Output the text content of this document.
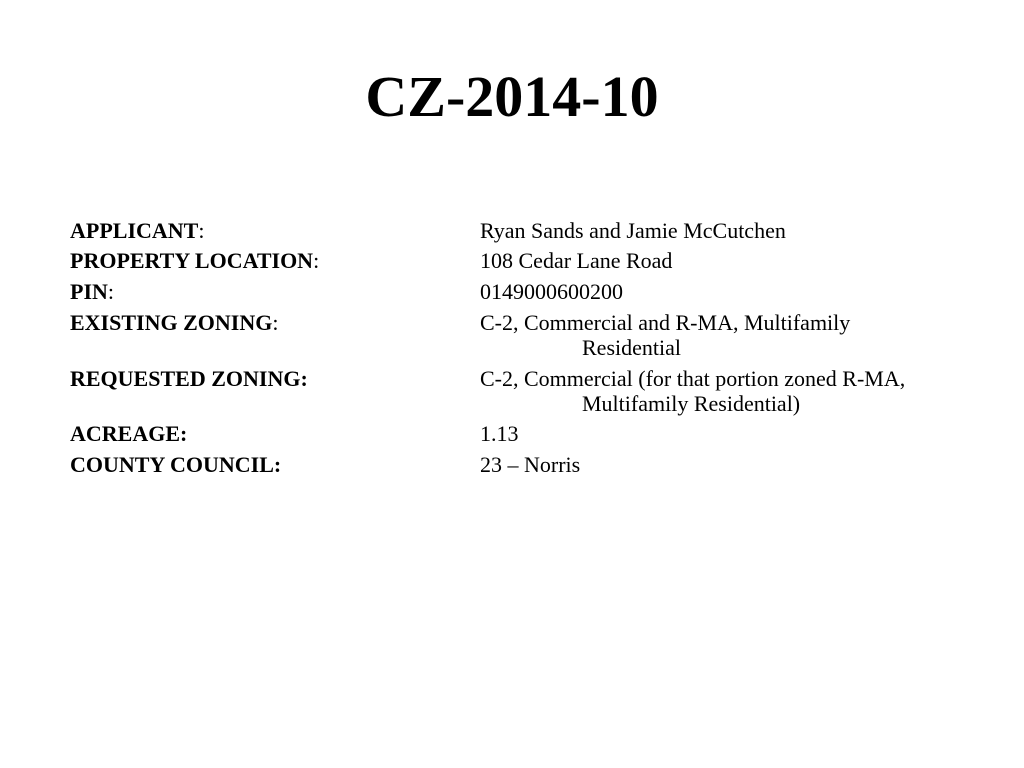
CZ-2014-10
APPLICANT:	Ryan Sands and Jamie McCutchen
PROPERTY LOCATION:	108 Cedar Lane Road
PIN:	0149000600200
EXISTING ZONING:	C-2, Commercial and R-MA, Multifamily
Residential
REQUESTED ZONING:	C-2, Commercial (for that portion zoned R-MA,
Multifamily Residential)
ACREAGE:	1.13
COUNTY COUNCIL:	23 – Norris
